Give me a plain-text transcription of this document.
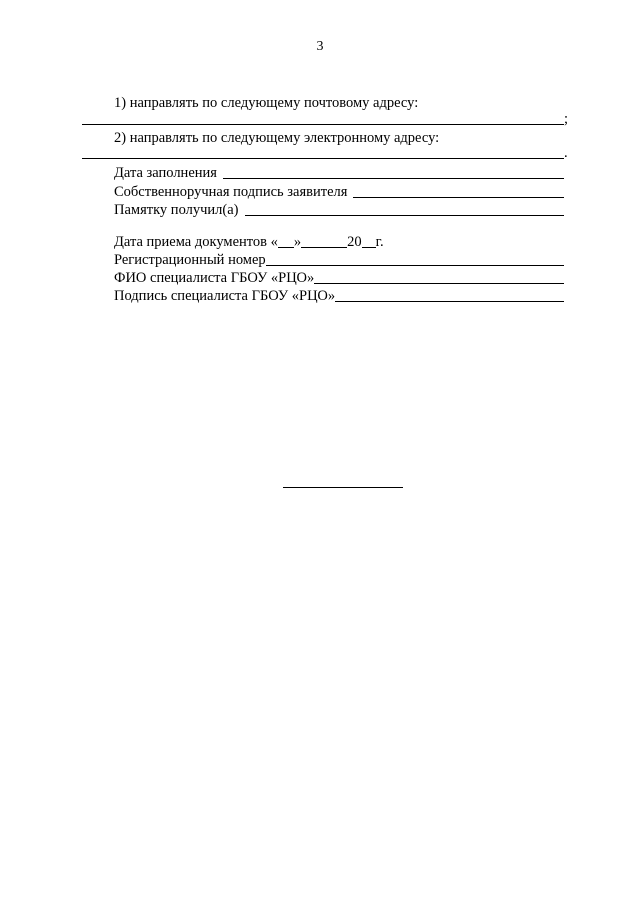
3
1) направлять по следующему почтовому адресу:
;
2) направлять по следующему электронному адресу:
.
Дата заполнения
Собственноручная подпись заявителя
Памятку получил(а)
Дата приема документов « »	20 г.
Регистрационный номер
ФИО специалиста ГБОУ «РЦО»
Подпись специалиста ГБОУ «РЦО»
